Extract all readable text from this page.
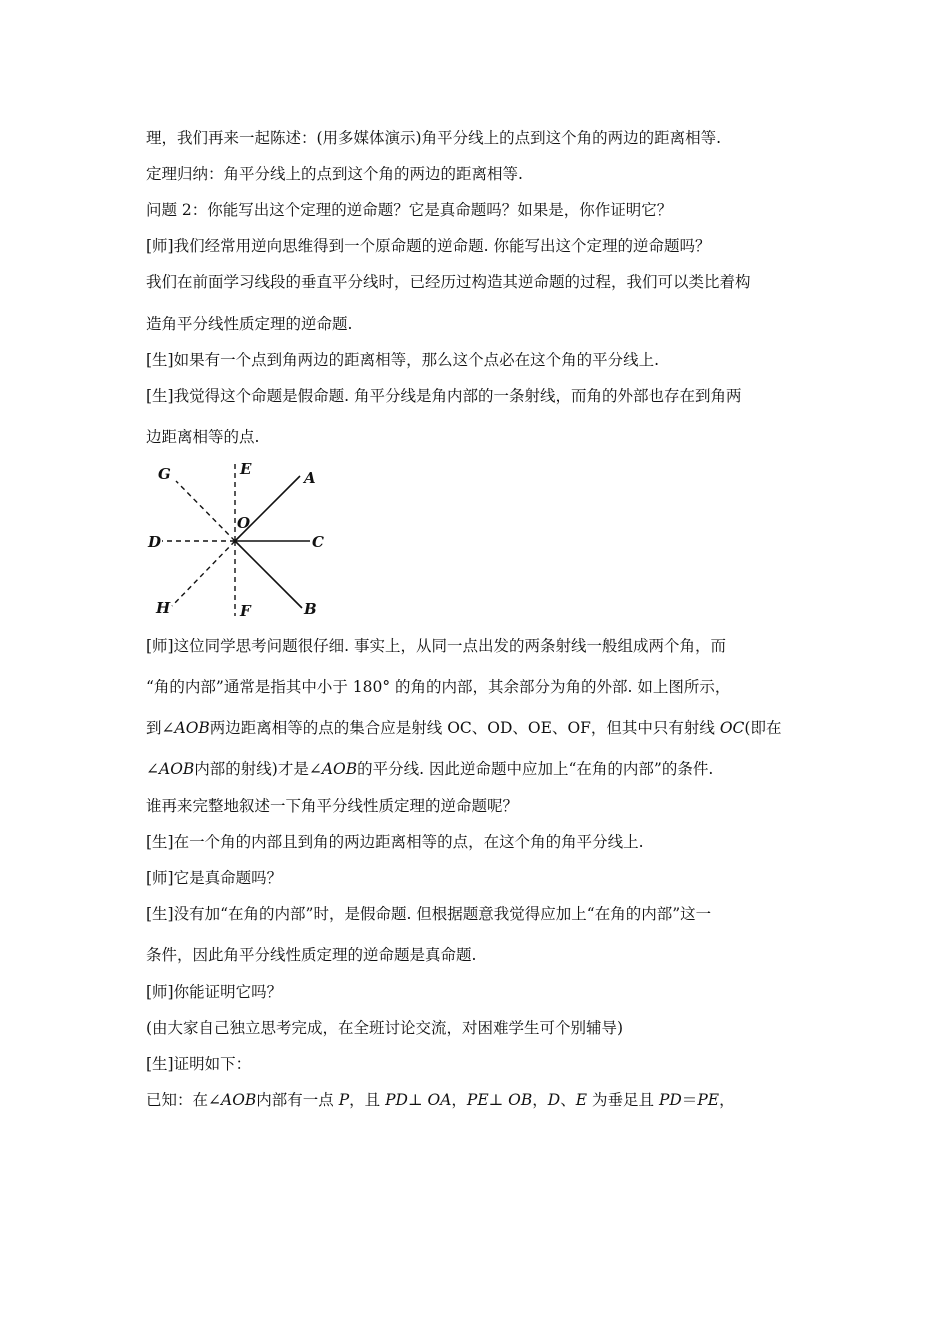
理，我们再来一起陈述：(用多媒体演示)角平分线上的点到这个角的两边的距离相等.
定理归纳：角平分线上的点到这个角的两边的距离相等.
问题 2：你能写出这个定理的逆命题？它是真命题吗？如果是，你作证明它？
[师]我们经常用逆向思维得到一个原命题的逆命题. 你能写出这个定理的逆命题吗？
我们在前面学习线段的垂直平分线时，已经历过构造其逆命题的过程，我们可以类比着构
造角平分线性质定理的逆命题.
[生]如果有一个点到角两边的距离相等，那么这个点必在这个角的平分线上.
[生]我觉得这个命题是假命题. 角平分线是角内部的一条射线，而角的外部也存在到角两
边距离相等的点.
G	E	A
O
D	C
H	F	B
[师]这位同学思考问题很仔细. 事实上，从同一点出发的两条射线一般组成两个角，而
“角的内部”通常是指其中小于 180° 的角的内部，其余部分为角的外部. 如上图所示，
到∠AOB两边距离相等的点的集合应是射线 OC、OD、OE、OF，但其中只有射线 OC(即在
∠AOB内部的射线)才是∠AOB的平分线. 因此逆命题中应加上“在角的内部”的条件.
谁再来完整地叙述一下角平分线性质定理的逆命题呢？
[生]在一个角的内部且到角的两边距离相等的点，在这个角的角平分线上.
[师]它是真命题吗？
[生]没有加“在角的内部”时，是假命题. 但根据题意我觉得应加上“在角的内部”这一
条件，因此角平分线性质定理的逆命题是真命题.
[师]你能证明它吗？
(由大家自己独立思考完成，在全班讨论交流，对困难学生可个别辅导)
[生]证明如下：
已知：在∠AOB内部有一点 P，且 PD⊥ OA，PE⊥ OB，D、E 为垂足且 PD＝PE，
